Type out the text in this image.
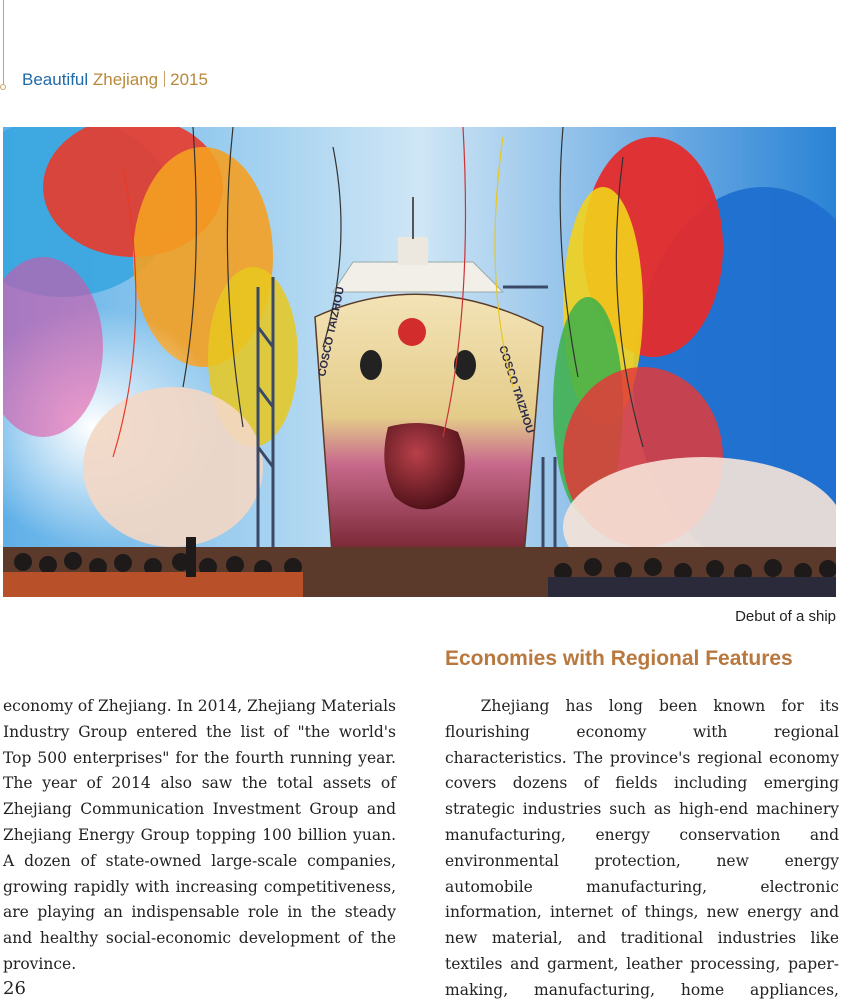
Beautiful Zhejiang 2015
COSCO TAIZHOU
COSCO TAIZHOU
Debut of a ship
Economies with Regional Features

economy of Zhejiang. In 2014, Zhejiang Materials Industry Group entered the list of "the world's Top 500 enterprises" for the fourth running year. The year of 2014 also saw the total assets of Zhejiang Communication Investment Group and Zhejiang Energy Group topping 100 billion yuan. A dozen of state-owned large-scale companies, growing rapidly with increasing competitiveness, are playing an indispensable role in the steady and healthy social-economic development of the province.

Zhejiang has long been known for its flourishing economy with regional characteristics. The province's regional economy covers dozens of fields including emerging strategic industries such as high-end machinery manufacturing, energy conservation and environmental protection, new energy automobile manufacturing, electronic information, internet of things, new energy and new material, and traditional industries like textiles and garment, leather processing, paper-making, manufacturing, home appliances,

26
